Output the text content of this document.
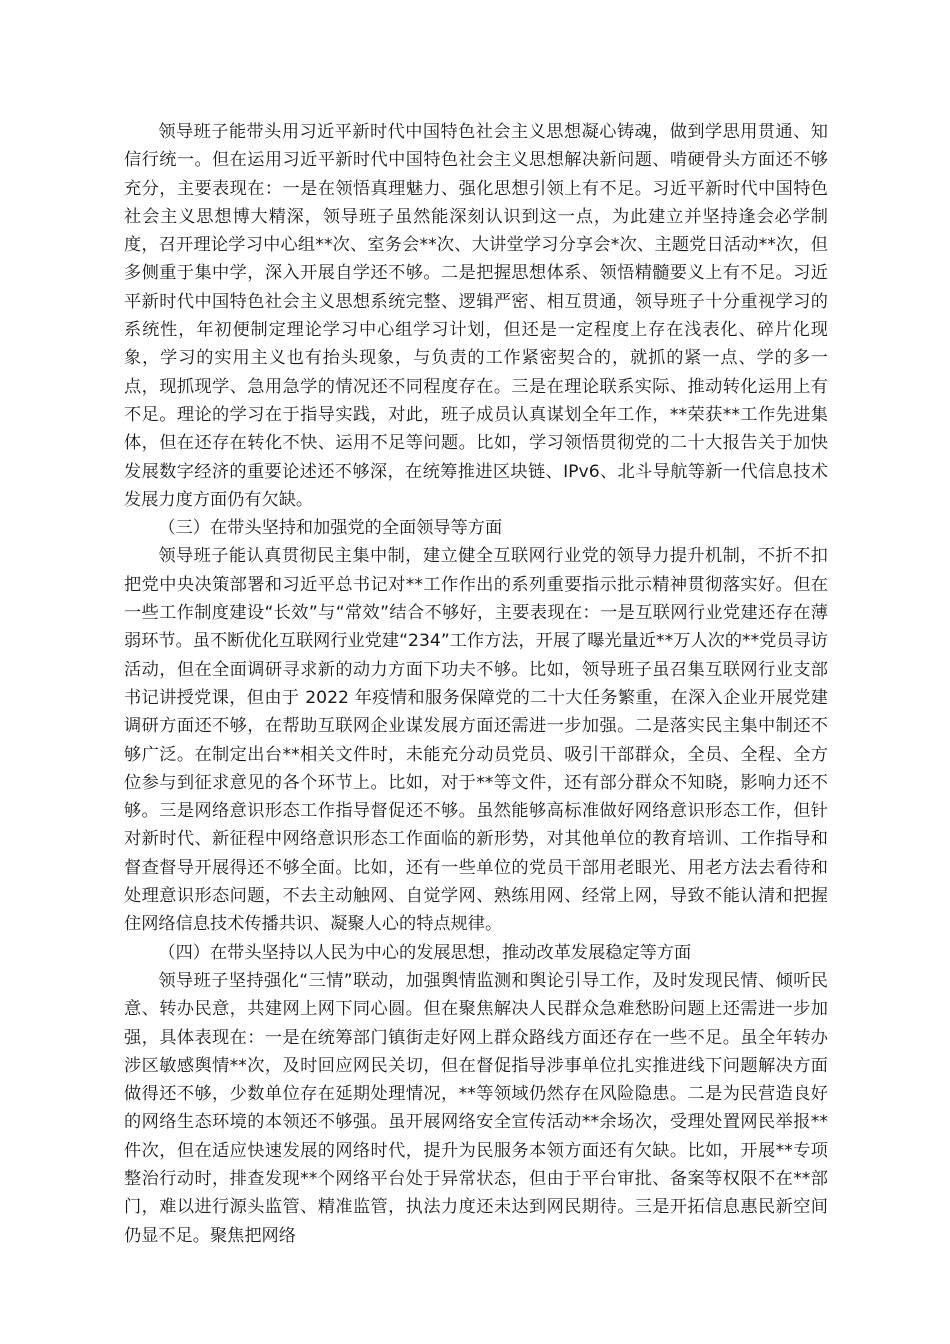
领导班子能带头用习近平新时代中国特色社会主义思想凝心铸魂，做到学思用贯通、知信行统一。但在运用习近平新时代中国特色社会主义思想解决新问题、啃硬骨头方面还不够充分，主要表现在：一是在领悟真理魅力、强化思想引领上有不足。习近平新时代中国特色社会主义思想博大精深，领导班子虽然能深刻认识到这一点，为此建立并坚持逢会必学制度，召开理论学习中心组**次、室务会**次、大讲堂学习分享会*次、主题党日活动**次，但多侧重于集中学，深入开展自学还不够。二是把握思想体系、领悟精髓要义上有不足。习近平新时代中国特色社会主义思想系统完整、逻辑严密、相互贯通，领导班子十分重视学习的系统性，年初便制定理论学习中心组学习计划，但还是一定程度上存在浅表化、碎片化现象，学习的实用主义也有抬头现象，与负责的工作紧密契合的，就抓的紧一点、学的多一点，现抓现学、急用急学的情况还不同程度存在。三是在理论联系实际、推动转化运用上有不足。理论的学习在于指导实践，对此，班子成员认真谋划全年工作，**荣获**工作先进集体，但在还存在转化不快、运用不足等问题。比如，学习领悟贯彻党的二十大报告关于加快发展数字经济的重要论述还不够深，在统筹推进区块链、IPv6、北斗导航等新一代信息技术发展力度方面仍有欠缺。

（三）在带头坚持和加强党的全面领导等方面

领导班子能认真贯彻民主集中制，建立健全互联网行业党的领导力提升机制，不折不扣把党中央决策部署和习近平总书记对**工作作出的系列重要指示批示精神贯彻落实好。但在一些工作制度建设“长效”与“常效”结合不够好，主要表现在：一是互联网行业党建还存在薄弱环节。虽不断优化互联网行业党建“234”工作方法，开展了曝光量近**万人次的**党员寻访活动，但在全面调研寻求新的动力方面下功夫不够。比如，领导班子虽召集互联网行业支部书记讲授党课，但由于 2022 年疫情和服务保障党的二十大任务繁重，在深入企业开展党建调研方面还不够，在帮助互联网企业谋发展方面还需进一步加强。二是落实民主集中制还不够广泛。在制定出台**相关文件时，未能充分动员党员、吸引干部群众，全员、全程、全方位参与到征求意见的各个环节上。比如，对于**等文件，还有部分群众不知晓，影响力还不够。三是网络意识形态工作指导督促还不够。虽然能够高标准做好网络意识形态工作，但针对新时代、新征程中网络意识形态工作面临的新形势，对其他单位的教育培训、工作指导和督查督导开展得还不够全面。比如，还有一些单位的党员干部用老眼光、用老方法去看待和处理意识形态问题，不去主动触网、自觉学网、熟练用网、经常上网，导致不能认清和把握住网络信息技术传播共识、凝聚人心的特点规律。

（四）在带头坚持以人民为中心的发展思想，推动改革发展稳定等方面

领导班子坚持强化“三情”联动，加强舆情监测和舆论引导工作，及时发现民情、倾听民意、转办民意，共建网上网下同心圆。但在聚焦解决人民群众急难愁盼问题上还需进一步加强，具体表现在：一是在统筹部门镇街走好网上群众路线方面还存在一些不足。虽全年转办涉区敏感舆情**次，及时回应网民关切，但在督促指导涉事单位扎实推进线下问题解决方面做得还不够，少数单位存在延期处理情况，**等领域仍然存在风险隐患。二是为民营造良好的网络生态环境的本领还不够强。虽开展网络安全宣传活动**余场次，受理处置网民举报**件次，但在适应快速发展的网络时代，提升为民服务本领方面还有欠缺。比如，开展**专项整治行动时，排查发现**个网络平台处于异常状态，但由于平台审批、备案等权限不在**部门，难以进行源头监管、精准监管，执法力度还未达到网民期待。三是开拓信息惠民新空间仍显不足。聚焦把网络
